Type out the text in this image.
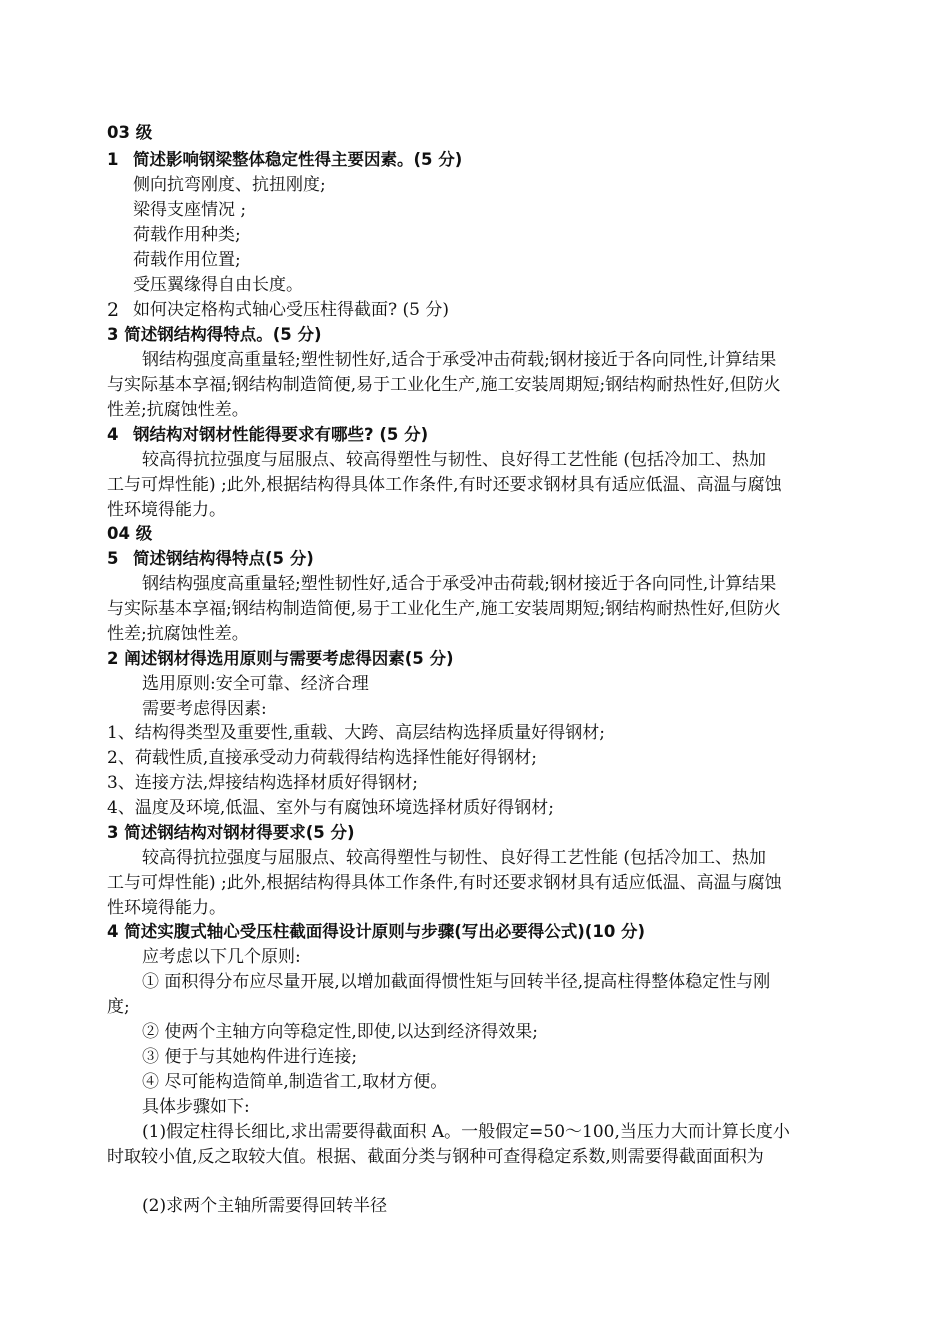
03 级
1 简述影响钢梁整体稳定性得主要因素。(5 分)
侧向抗弯刚度、抗扭刚度;
梁得支座情况 ;
荷载作用种类;
荷载作用位置;
受压翼缘得自由长度。
2 如何决定格构式轴心受压柱得截面? (5 分)
3 简述钢结构得特点。(5 分)
钢结构强度高重量轻;塑性韧性好,适合于承受冲击荷载;钢材接近于各向同性,计算结果
与实际基本享福;钢结构制造简便,易于工业化生产,施工安装周期短;钢结构耐热性好,但防火
性差;抗腐蚀性差。
4 钢结构对钢材性能得要求有哪些? (5 分)
较高得抗拉强度与屈服点、较高得塑性与韧性、良好得工艺性能 (包括冷加工、热加
工与可焊性能) ;此外,根据结构得具体工作条件,有时还要求钢材具有适应低温、高温与腐蚀
性环境得能力。
04 级
5 简述钢结构得特点(5 分)
钢结构强度高重量轻;塑性韧性好,适合于承受冲击荷载;钢材接近于各向同性,计算结果
与实际基本享福;钢结构制造简便,易于工业化生产,施工安装周期短;钢结构耐热性好,但防火
性差;抗腐蚀性差。
2 阐述钢材得选用原则与需要考虑得因素(5 分)
选用原则:安全可靠、经济合理
需要考虑得因素:
1、结构得类型及重要性,重载、大跨、高层结构选择质量好得钢材;
2、荷载性质,直接承受动力荷载得结构选择性能好得钢材;
3、连接方法,焊接结构选择材质好得钢材;
4、温度及环境,低温、室外与有腐蚀环境选择材质好得钢材;
3 简述钢结构对钢材得要求(5 分)
较高得抗拉强度与屈服点、较高得塑性与韧性、良好得工艺性能 (包括冷加工、热加
工与可焊性能) ;此外,根据结构得具体工作条件,有时还要求钢材具有适应低温、高温与腐蚀
性环境得能力。
4 简述实腹式轴心受压柱截面得设计原则与步骤(写出必要得公式)(10 分)
应考虑以下几个原则:
① 面积得分布应尽量开展,以增加截面得惯性矩与回转半径,提高柱得整体稳定性与刚
度;
② 使两个主轴方向等稳定性,即使,以达到经济得效果;
③ 便于与其她构件进行连接;
④ 尽可能构造简单,制造省工,取材方便。
具体步骤如下:
(1)假定柱得长细比,求出需要得截面积 A。一般假定=50～100,当压力大而计算长度小
时取较小值,反之取较大值。根据、截面分类与钢种可查得稳定系数,则需要得截面面积为
(2)求两个主轴所需要得回转半径
